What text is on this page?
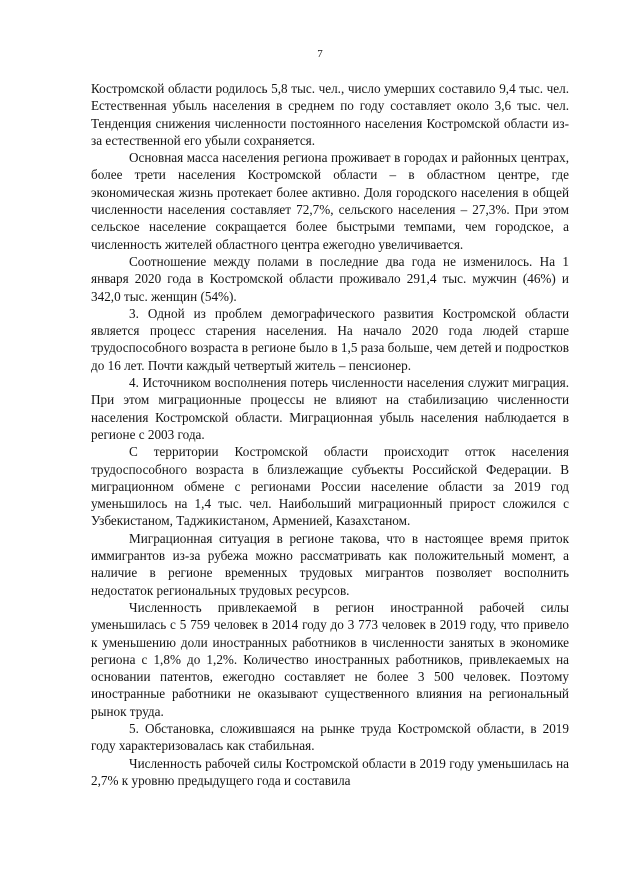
7

Костромской области родилось 5,8 тыс. чел., число умерших составило 9,4 тыс. чел. Естественная убыль населения в среднем по году составляет около 3,6 тыс. чел. Тенденция снижения численности постоянного населения Костромской области из-за естественной его убыли сохраняется.

Основная масса населения региона проживает в городах и районных центрах, более трети населения Костромской области – в областном центре, где экономическая жизнь протекает более активно. Доля городского населения в общей численности населения составляет 72,7%, сельского населения – 27,3%. При этом сельское население сокращается более быстрыми темпами, чем городское, а численность жителей областного центра ежегодно увеличивается.

Соотношение между полами в последние два года не изменилось. На 1 января 2020 года в Костромской области проживало 291,4 тыс. мужчин (46%) и 342,0 тыс. женщин (54%).

3. Одной из проблем демографического развития Костромской области является процесс старения населения. На начало 2020 года людей старше трудоспособного возраста в регионе было в 1,5 раза больше, чем детей и подростков до 16 лет. Почти каждый четвертый житель – пенсионер.

4. Источником восполнения потерь численности населения служит миграция. При этом миграционные процессы не влияют на стабилизацию численности населения Костромской области. Миграционная убыль населения наблюдается в регионе с 2003 года.

С территории Костромской области происходит отток населения трудоспособного возраста в близлежащие субъекты Российской Федерации. В миграционном обмене с регионами России население области за 2019 год уменьшилось на 1,4 тыс. чел. Наибольший миграционный прирост сложился с Узбекистаном, Таджикистаном, Арменией, Казахстаном.

Миграционная ситуация в регионе такова, что в настоящее время приток иммигрантов из-за рубежа можно рассматривать как положительный момент, а наличие в регионе временных трудовых мигрантов позволяет восполнить недостаток региональных трудовых ресурсов.

Численность привлекаемой в регион иностранной рабочей силы уменьшилась с 5 759 человек в 2014 году до 3 773 человек в 2019 году, что привело к уменьшению доли иностранных работников в численности занятых в экономике региона с 1,8% до 1,2%. Количество иностранных работников, привлекаемых на основании патентов, ежегодно составляет не более 3 500 человек. Поэтому иностранные работники не оказывают существенного влияния на региональный рынок труда.

5. Обстановка, сложившаяся на рынке труда Костромской области, в 2019 году характеризовалась как стабильная.

Численность рабочей силы Костромской области в 2019 году уменьшилась на 2,7% к уровню предыдущего года и составила
